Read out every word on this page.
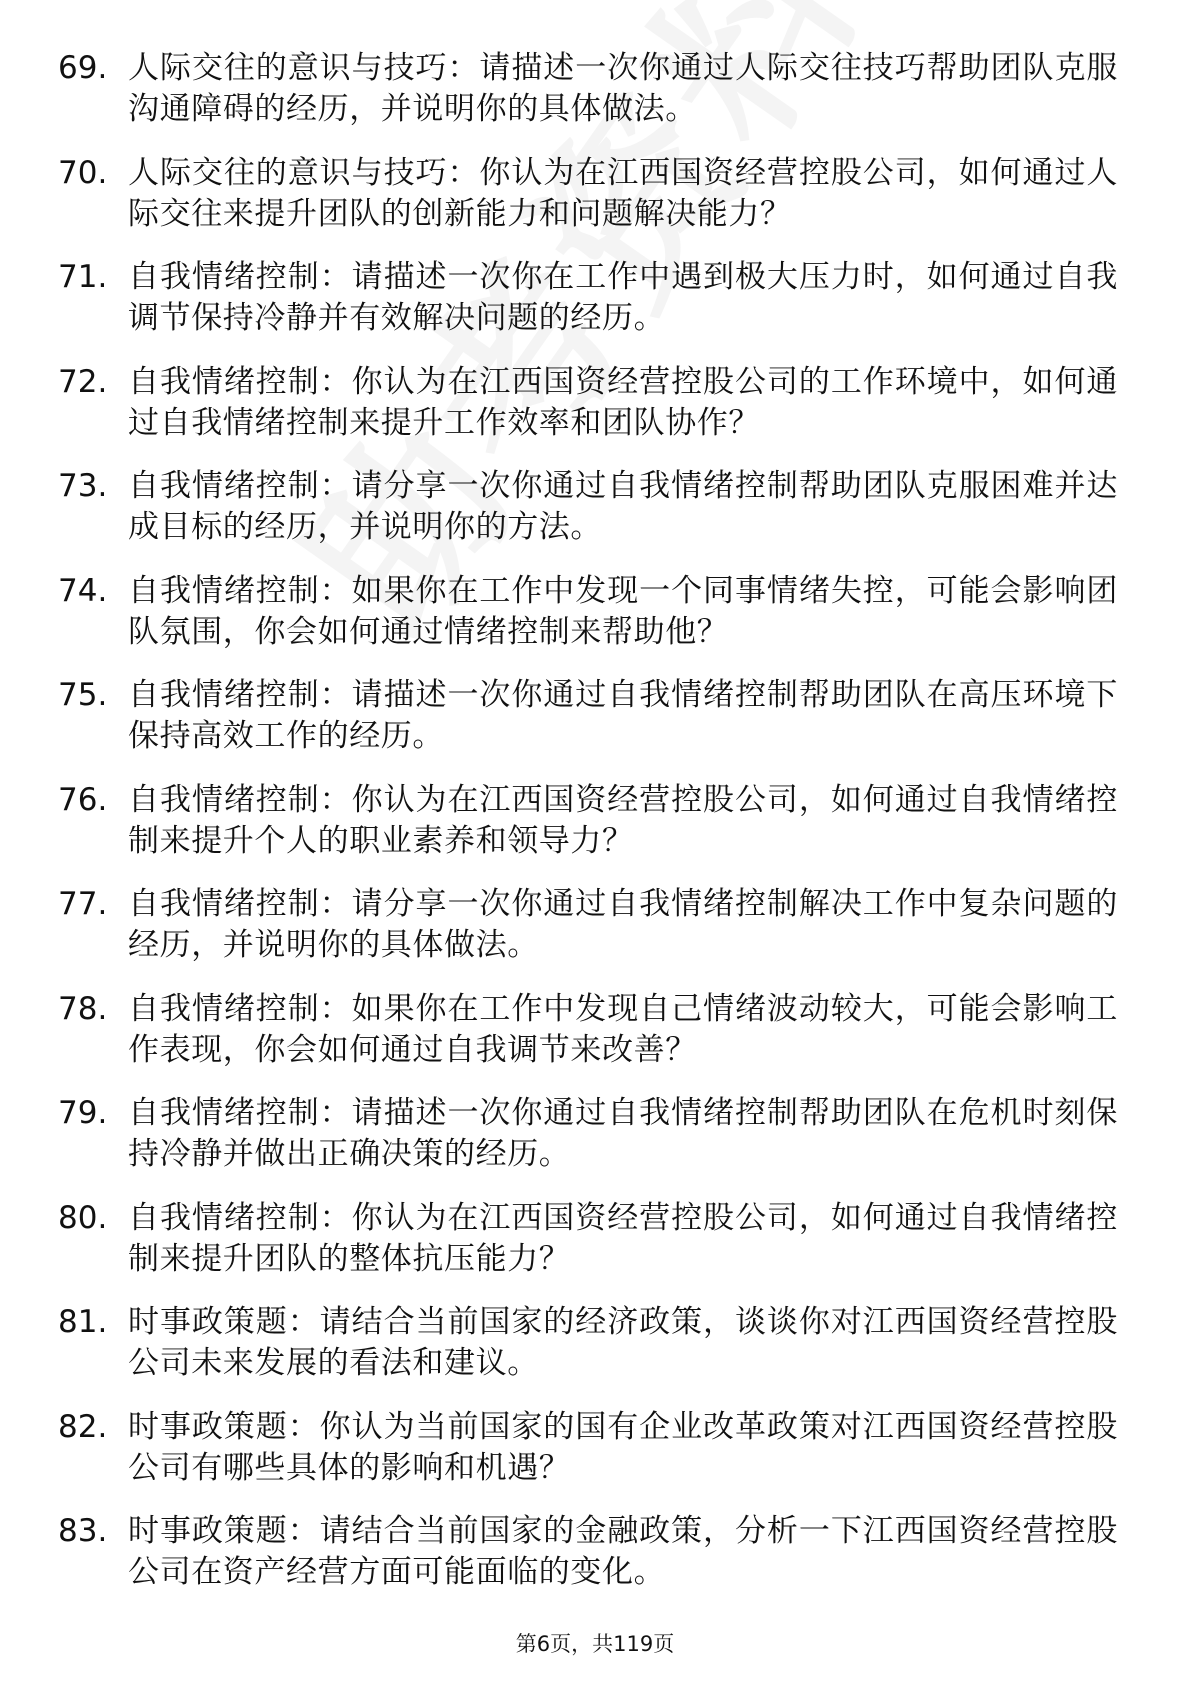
69. 人际交往的意识与技巧：请描述一次你通过人际交往技巧帮助团队克服沟通障碍的经历，并说明你的具体做法。
70. 人际交往的意识与技巧：你认为在江西国资经营控股公司，如何通过人际交往来提升团队的创新能力和问题解决能力？
71. 自我情绪控制：请描述一次你在工作中遇到极大压力时，如何通过自我调节保持冷静并有效解决问题的经历。
72. 自我情绪控制：你认为在江西国资经营控股公司的工作环境中，如何通过自我情绪控制来提升工作效率和团队协作？
73. 自我情绪控制：请分享一次你通过自我情绪控制帮助团队克服困难并达成目标的经历，并说明你的方法。
74. 自我情绪控制：如果你在工作中发现一个同事情绪失控，可能会影响团队氛围，你会如何通过情绪控制来帮助他？
75. 自我情绪控制：请描述一次你通过自我情绪控制帮助团队在高压环境下保持高效工作的经历。
76. 自我情绪控制：你认为在江西国资经营控股公司，如何通过自我情绪控制来提升个人的职业素养和领导力？
77. 自我情绪控制：请分享一次你通过自我情绪控制解决工作中复杂问题的经历，并说明你的具体做法。
78. 自我情绪控制：如果你在工作中发现自己情绪波动较大，可能会影响工作表现，你会如何通过自我调节来改善？
79. 自我情绪控制：请描述一次你通过自我情绪控制帮助团队在危机时刻保持冷静并做出正确决策的经历。
80. 自我情绪控制：你认为在江西国资经营控股公司，如何通过自我情绪控制来提升团队的整体抗压能力？
81. 时事政策题：请结合当前国家的经济政策，谈谈你对江西国资经营控股公司未来发展的看法和建议。
82. 时事政策题：你认为当前国家的国有企业改革政策对江西国资经营控股公司有哪些具体的影响和机遇？
83. 时事政策题：请结合当前国家的金融政策，分析一下江西国资经营控股公司在资产经营方面可能面临的变化。
第6页，共119页
